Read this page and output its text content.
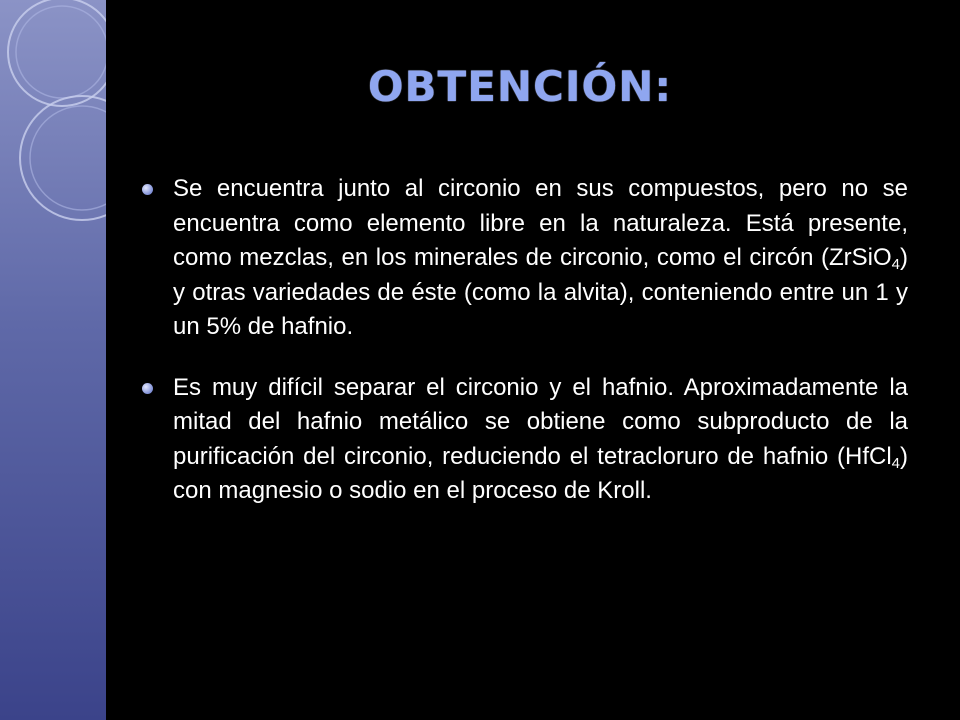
OBTENCIÓN:

Se encuentra junto al circonio en sus compuestos, pero no se encuentra como elemento libre en la naturaleza. Está presente, como mezclas, en los minerales de circonio, como el circón (ZrSiO$_4$) y otras variedades de éste (como la alvita), conteniendo entre un 1 y un 5% de hafnio.

Es muy difícil separar el circonio y el hafnio. Aproximadamente la mitad del hafnio metálico se obtiene como subproducto de la purificación del circonio, reduciendo el tetracloruro de hafnio (HfCl$_4$) con magnesio o sodio en el proceso de Kroll.
